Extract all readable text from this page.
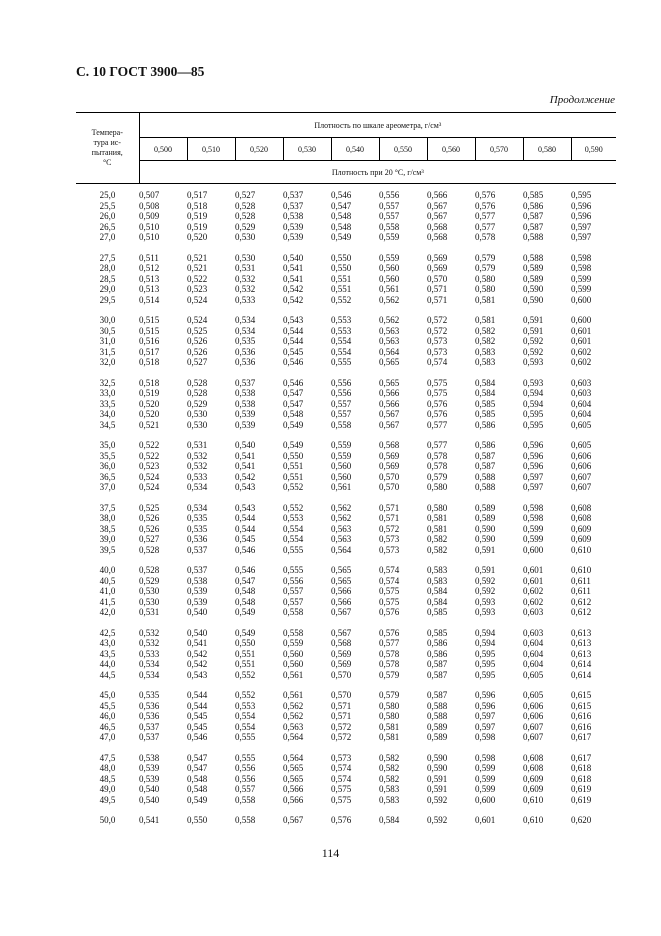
С. 10 ГОСТ 3900—85
Продолжение
Темпера-
тура ис-
пытания,
°С	Плотность по шкале ареометра, г/см³									
	0,500	0,510	0,520	0,530	0,540	0,550	0,560	0,570	0,580	0,590
	Плотность при 20 °С, г/см³									
25,0	0,507	0,517	0,527	0,537	0,546	0,556	0,566	0,576	0,585	0,595
25,5	0,508	0,518	0,528	0,537	0,547	0,557	0,567	0,576	0,586	0,596
26,0	0,509	0,519	0,528	0,538	0,548	0,557	0,567	0,577	0,587	0,596
26,5	0,510	0,519	0,529	0,539	0,548	0,558	0,568	0,577	0,587	0,597
27,0	0,510	0,520	0,530	0,539	0,549	0,559	0,568	0,578	0,588	0,597

27,5	0,511	0,521	0,530	0,540	0,550	0,559	0,569	0,579	0,588	0,598
28,0	0,512	0,521	0,531	0,541	0,550	0,560	0,569	0,579	0,589	0,598
28,5	0,513	0,522	0,532	0,541	0,551	0,560	0,570	0,580	0,589	0,599
29,0	0,513	0,523	0,532	0,542	0,551	0,561	0,571	0,580	0,590	0,599
29,5	0,514	0,524	0,533	0,542	0,552	0,562	0,571	0,581	0,590	0,600

30,0	0,515	0,524	0,534	0,543	0,553	0,562	0,572	0,581	0,591	0,600
30,5	0,515	0,525	0,534	0,544	0,553	0,563	0,572	0,582	0,591	0,601
31,0	0,516	0,526	0,535	0,544	0,554	0,563	0,573	0,582	0,592	0,601
31,5	0,517	0,526	0,536	0,545	0,554	0,564	0,573	0,583	0,592	0,602
32,0	0,518	0,527	0,536	0,546	0,555	0,565	0,574	0,583	0,593	0,602

32,5	0,518	0,528	0,537	0,546	0,556	0,565	0,575	0,584	0,593	0,603
33,0	0,519	0,528	0,538	0,547	0,556	0,566	0,575	0,584	0,594	0,603
33,5	0,520	0,529	0,538	0,547	0,557	0,566	0,576	0,585	0,594	0,604
34,0	0,520	0,530	0,539	0,548	0,557	0,567	0,576	0,585	0,595	0,604
34,5	0,521	0,530	0,539	0,549	0,558	0,567	0,577	0,586	0,595	0,605

35,0	0,522	0,531	0,540	0,549	0,559	0,568	0,577	0,586	0,596	0,605
35,5	0,522	0,532	0,541	0,550	0,559	0,569	0,578	0,587	0,596	0,606
36,0	0,523	0,532	0,541	0,551	0,560	0,569	0,578	0,587	0,596	0,606
36,5	0,524	0,533	0,542	0,551	0,560	0,570	0,579	0,588	0,597	0,607
37,0	0,524	0,534	0,543	0,552	0,561	0,570	0,580	0,588	0,597	0,607

37,5	0,525	0,534	0,543	0,552	0,562	0,571	0,580	0,589	0,598	0,608
38,0	0,526	0,535	0,544	0,553	0,562	0,571	0,581	0,589	0,598	0,608
38,5	0,526	0,535	0,544	0,554	0,563	0,572	0,581	0,590	0,599	0,609
39,0	0,527	0,536	0,545	0,554	0,563	0,573	0,582	0,590	0,599	0,609
39,5	0,528	0,537	0,546	0,555	0,564	0,573	0,582	0,591	0,600	0,610

40,0	0,528	0,537	0,546	0,555	0,565	0,574	0,583	0,591	0,601	0,610
40,5	0,529	0,538	0,547	0,556	0,565	0,574	0,583	0,592	0,601	0,611
41,0	0,530	0,539	0,548	0,557	0,566	0,575	0,584	0,592	0,602	0,611
41,5	0,530	0,539	0,548	0,557	0,566	0,575	0,584	0,593	0,602	0,612
42,0	0,531	0,540	0,549	0,558	0,567	0,576	0,585	0,593	0,603	0,612

42,5	0,532	0,540	0,549	0,558	0,567	0,576	0,585	0,594	0,603	0,613
43,0	0,532	0,541	0,550	0,559	0,568	0,577	0,586	0,594	0,604	0,613
43,5	0,533	0,542	0,551	0,560	0,569	0,578	0,586	0,595	0,604	0,613
44,0	0,534	0,542	0,551	0,560	0,569	0,578	0,587	0,595	0,604	0,614
44,5	0,534	0,543	0,552	0,561	0,570	0,579	0,587	0,595	0,605	0,614

45,0	0,535	0,544	0,552	0,561	0,570	0,579	0,587	0,596	0,605	0,615
45,5	0,536	0,544	0,553	0,562	0,571	0,580	0,588	0,596	0,606	0,615
46,0	0,536	0,545	0,554	0,562	0,571	0,580	0,588	0,597	0,606	0,616
46,5	0,537	0,545	0,554	0,563	0,572	0,581	0,589	0,597	0,607	0,616
47,0	0,537	0,546	0,555	0,564	0,572	0,581	0,589	0,598	0,607	0,617

47,5	0,538	0,547	0,555	0,564	0,573	0,582	0,590	0,598	0,608	0,617
48,0	0,539	0,547	0,556	0,565	0,574	0,582	0,590	0,599	0,608	0,618
48,5	0,539	0,548	0,556	0,565	0,574	0,582	0,591	0,599	0,609	0,618
49,0	0,540	0,548	0,557	0,566	0,575	0,583	0,591	0,599	0,609	0,619
49,5	0,540	0,549	0,558	0,566	0,575	0,583	0,592	0,600	0,610	0,619

50,0	0,541	0,550	0,558	0,567	0,576	0,584	0,592	0,601	0,610	0,620
114
